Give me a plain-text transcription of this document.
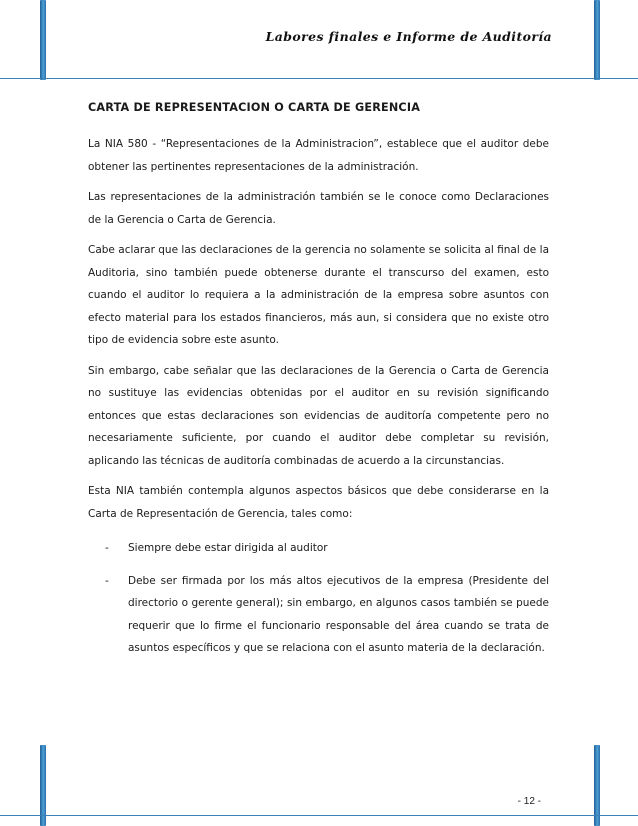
Labores finales e Informe de Auditoría
CARTA DE REPRESENTACION O CARTA DE GERENCIA

La NIA 580 - “Representaciones de la Administracion”, establece que el auditor debe obtener las pertinentes representaciones de la administración.

Las representaciones de la administración también se le conoce como Declaraciones de la Gerencia o Carta de Gerencia.

Cabe aclarar que las declaraciones de la gerencia no solamente se solicita al final de la Auditoria, sino también puede obtenerse durante el transcurso del examen, esto cuando el auditor lo requiera a la administración de la empresa sobre asuntos con efecto material para los estados financieros, más aun, si considera que no existe otro tipo de evidencia sobre este asunto.

Sin embargo, cabe señalar que las declaraciones de la Gerencia o Carta de Gerencia no sustituye las evidencias obtenidas por el auditor en su revisión significando entonces que estas declaraciones son evidencias de auditoría competente pero no necesariamente suficiente, por cuando el auditor debe completar su revisión, aplicando las técnicas de auditoría combinadas de acuerdo a la circunstancias.

Esta NIA también contempla algunos aspectos básicos que debe considerarse en la Carta de Representación de Gerencia, tales como:

- Siempre debe estar dirigida al auditor
- Debe ser firmada por los más altos ejecutivos de la empresa (Presidente del directorio o gerente general); sin embargo, en algunos casos también se puede requerir que lo firme el funcionario responsable del área cuando se trata de asuntos específicos y que se relaciona con el asunto materia de la declaración.
- 12 -
